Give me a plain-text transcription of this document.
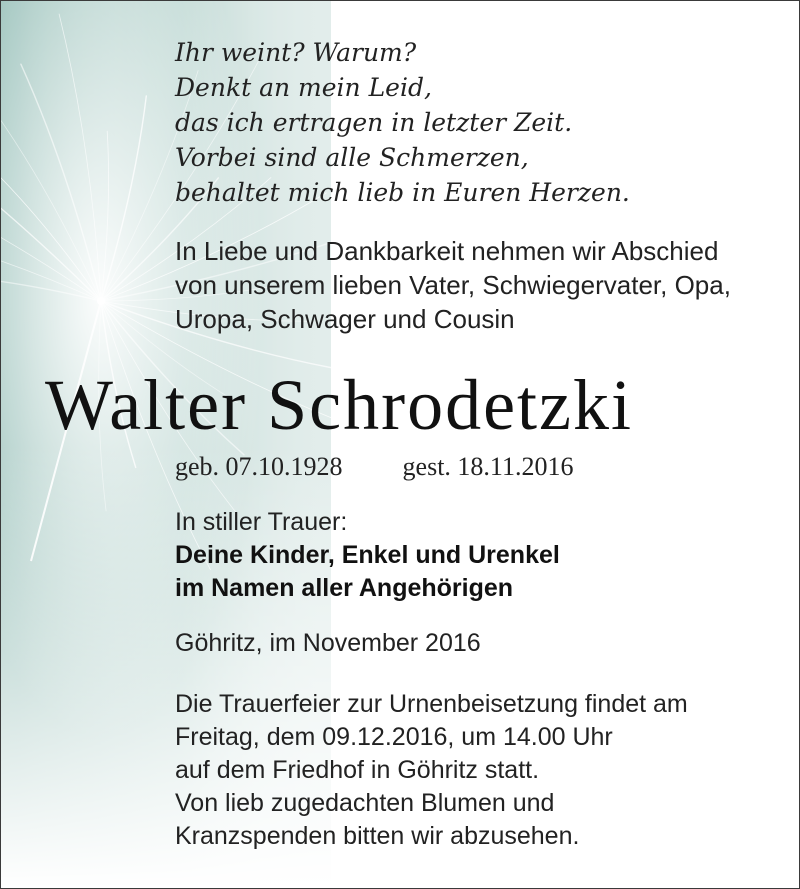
Ihr weint? Warum?
Denkt an mein Leid,
das ich ertragen in letzter Zeit.
Vorbei sind alle Schmerzen,
behaltet mich lieb in Euren Herzen.
In Liebe und Dankbarkeit nehmen wir Abschied
von unserem lieben Vater, Schwiegervater, Opa,
Uropa, Schwager und Cousin
Walter Schrodetzki
geb. 07.10.1928 gest. 18.11.2016
In stiller Trauer:
Deine Kinder, Enkel und Urenkel
im Namen aller Angehörigen
Göhritz, im November 2016
Die Trauerfeier zur Urnenbeisetzung findet am
Freitag, dem 09.12.2016, um 14.00 Uhr
auf dem Friedhof in Göhritz statt.
Von lieb zugedachten Blumen und
Kranzspenden bitten wir abzusehen.
